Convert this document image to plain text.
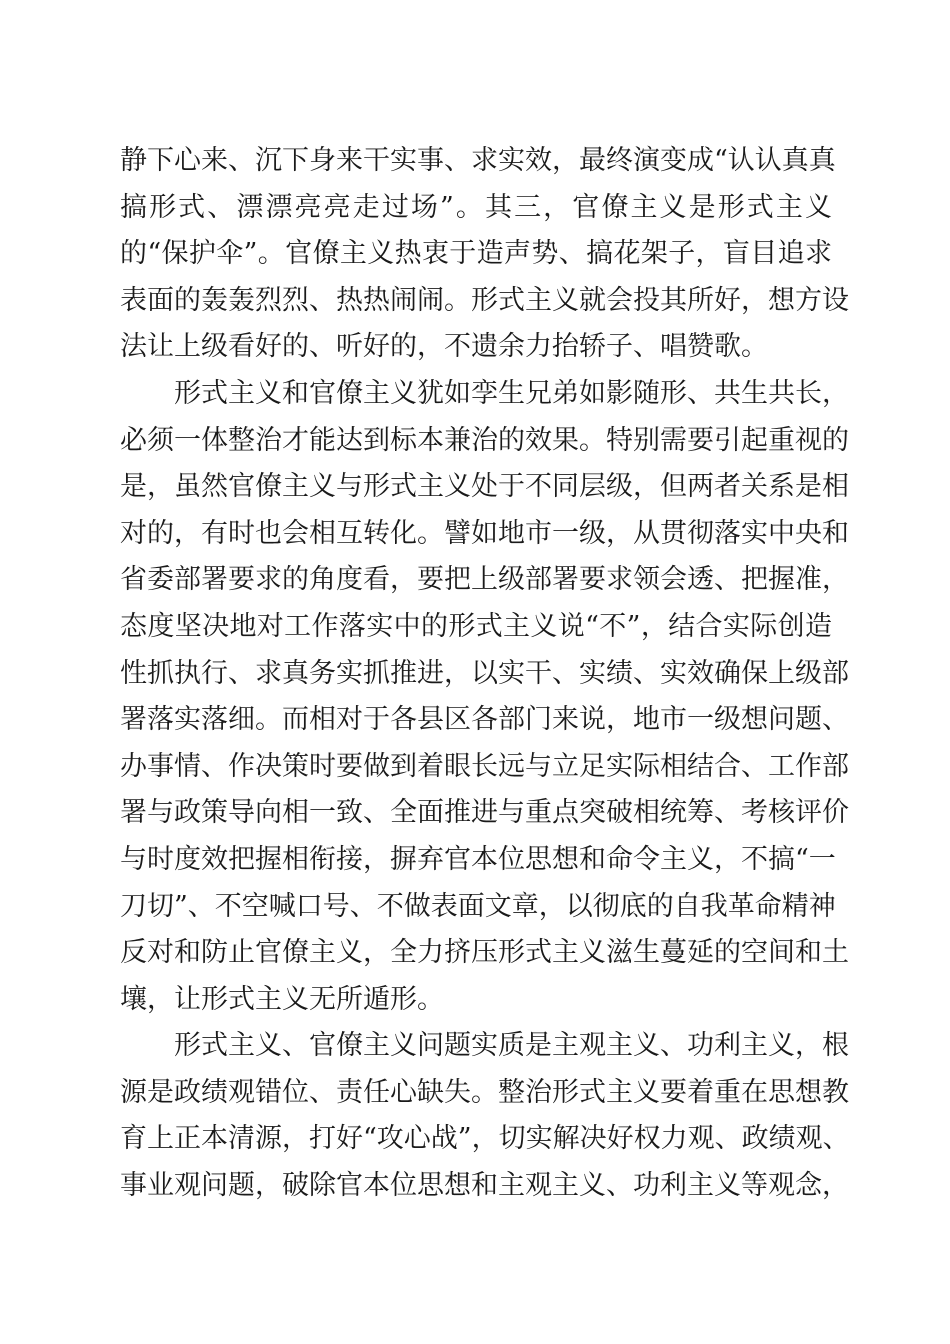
静下心来、沉下身来干实事、求实效，最终演变成“认认真真
搞形式、漂漂亮亮走过场”。其三，官僚主义是形式主义
的“保护伞”。官僚主义热衷于造声势、搞花架子，盲目追求
表面的轰轰烈烈、热热闹闹。形式主义就会投其所好，想方设
法让上级看好的、听好的，不遗余力抬轿子、唱赞歌。
形式主义和官僚主义犹如孪生兄弟如影随形、共生共长，
必须一体整治才能达到标本兼治的效果。特别需要引起重视的
是，虽然官僚主义与形式主义处于不同层级，但两者关系是相
对的，有时也会相互转化。譬如地市一级，从贯彻落实中央和
省委部署要求的角度看，要把上级部署要求领会透、把握准，
态度坚决地对工作落实中的形式主义说“不”，结合实际创造
性抓执行、求真务实抓推进，以实干、实绩、实效确保上级部
署落实落细。而相对于各县区各部门来说，地市一级想问题、
办事情、作决策时要做到着眼长远与立足实际相结合、工作部
署与政策导向相一致、全面推进与重点突破相统筹、考核评价
与时度效把握相衔接，摒弃官本位思想和命令主义，不搞“一
刀切”、不空喊口号、不做表面文章，以彻底的自我革命精神
反对和防止官僚主义，全力挤压形式主义滋生蔓延的空间和土
壤，让形式主义无所遁形。
形式主义、官僚主义问题实质是主观主义、功利主义，根
源是政绩观错位、责任心缺失。整治形式主义要着重在思想教
育上正本清源，打好“攻心战”，切实解决好权力观、政绩观、
事业观问题，破除官本位思想和主观主义、功利主义等观念，
